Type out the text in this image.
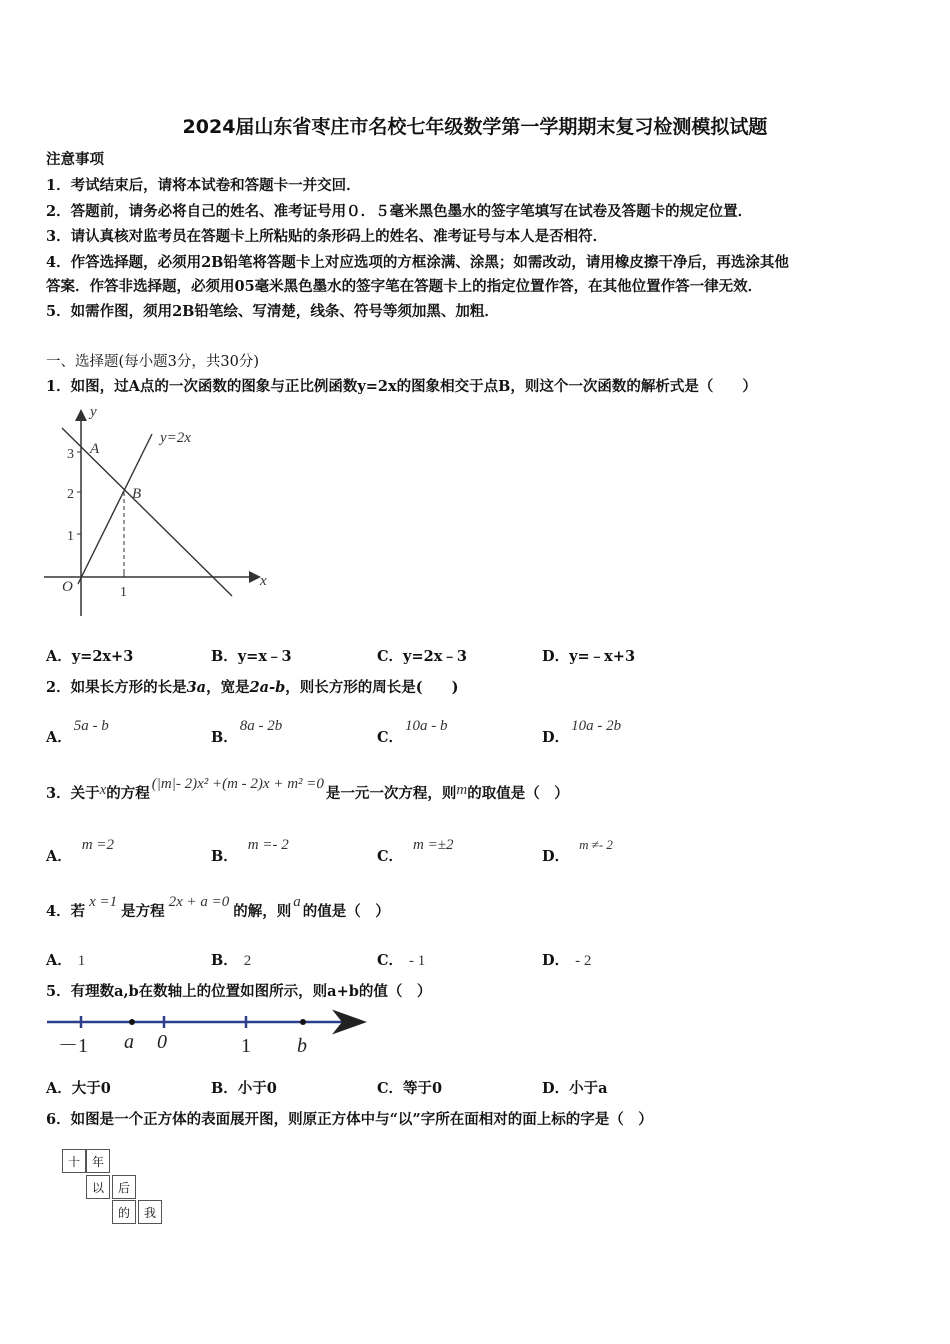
2024届山东省枣庄市名校七年级数学第一学期期末复习检测模拟试题
注意事项
1．考试结束后，请将本试卷和答题卡一并交回．
2．答题前，请务必将自己的姓名、准考证号用０．５毫米黑色墨水的签字笔填写在试卷及答题卡的规定位置．
3．请认真核对监考员在答题卡上所粘贴的条形码上的姓名、准考证号与本人是否相符．
4．作答选择题，必须用2B铅笔将答题卡上对应选项的方框涂满、涂黑；如需改动，请用橡皮擦干净后，再选涂其他
答案．作答非选择题，必须用05毫米黑色墨水的签字笔在答题卡上的指定位置作答，在其他位置作答一律无效．
5．如需作图，须用2B铅笔绘、写清楚，线条、符号等须加黑、加粗．
一、选择题(每小题3分，共30分)
1．如图，过A点的一次函数的图象与正比例函数y=2x的图象相交于点B，则这个一次函数的解析式是（　　）
y
x
O
3
2
1
1
A
B
y=2x
A．y=2x+3	B．y=x﹣3	C．y=2x﹣3	D．y=﹣x+3
2．如果长方形的长是3a，宽是2a-b，则长方形的周长是(　　)
A．5a - b
B．8a - 2b
C．10a - b
D．10a - 2b
3．关于x的方程(|m|- 2)x² +(m - 2)x + m² =0是一元一次方程，则m的取值是（　）
A．m =2
B．m =- 2
C．m =±2
D．m ≠- 2
4．若x =1是方程2x + a =0的解，则a的值是（　）
A． 1	B． 2	C． - 1	D． - 2
5．有理数a,b在数轴上的位置如图所示，则a+b的值（　）
－1 a 0	1 b
A．大于0	B．小于0	C．等于0	D．小于a
6．如图是一个正方体的表面展开图，则原正方体中与“以”字所在面相对的面上标的字是（　）
十 年
以	后
的	我
